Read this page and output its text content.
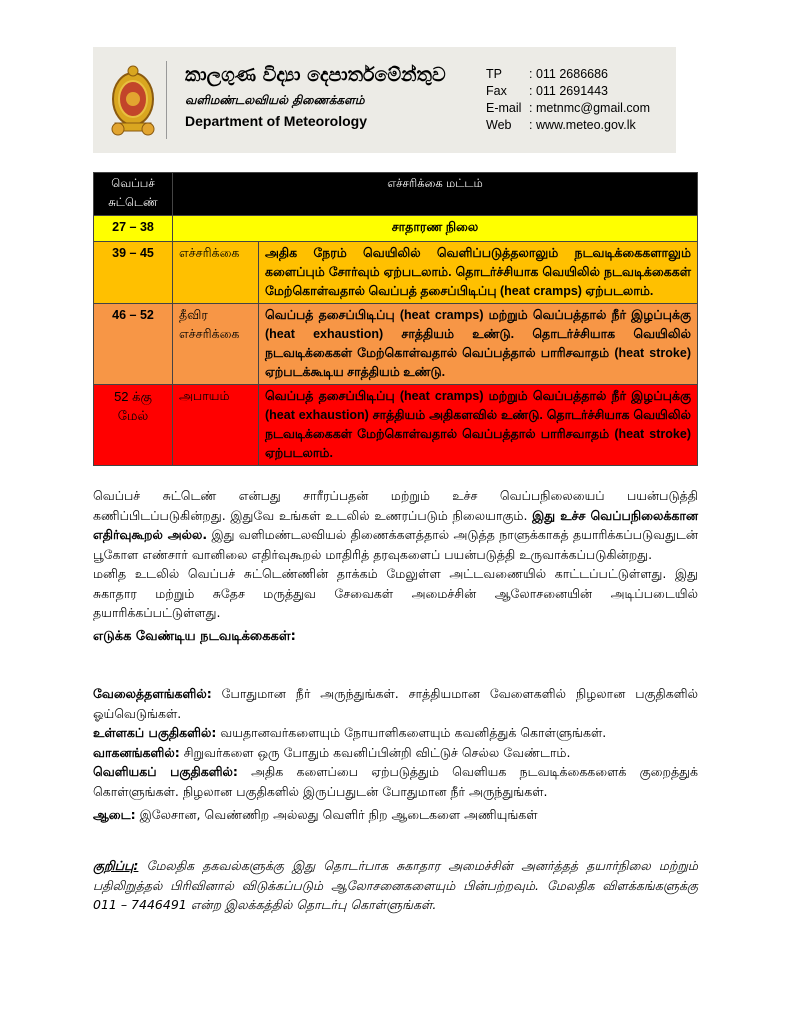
කාලගුණ විද්‍යා දෙපාර්තමේන්තුව
வளிமண்டலவியல் திணைக்களம்
Department of Meteorology
TP	: 011 2686686
Fax	: 011 2691443
E-mail : metnmc@gmail.com
Web	: www.meteo.gov.lk
வெப்பச் சுட்டெண்	எச்சரிக்கை மட்டம்	
27 – 38	சாதாரண நிலை	
39 – 45	எச்சரிக்கை	அதிக நேரம் வெயிலில் வெளிப்படுத்தலாலும் நடவடிக்கைகளாலும் களைப்பும் சோர்வும் ஏற்படலாம். தொடர்ச்சியாக வெயிலில் நடவடிக்கைகள் மேற்கொள்வதால் வெப்பத் தசைப்பிடிப்பு (heat cramps) ஏற்படலாம்.
46 – 52	தீவிர எச்சரிக்கை	வெப்பத் தசைப்பிடிப்பு (heat cramps) மற்றும் வெப்பத்தால் நீர் இழப்புக்கு (heat exhaustion) சாத்தியம் உண்டு. தொடர்ச்சியாக வெயிலில் நடவடிக்கைகள் மேற்கொள்வதால் வெப்பத்தால் பாரிசவாதம் (heat stroke) ஏற்படக்கூடிய சாத்தியம் உண்டு.
52 க்கு மேல்	அபாயம்	வெப்பத் தசைப்பிடிப்பு (heat cramps) மற்றும் வெப்பத்தால் நீர் இழப்புக்கு (heat exhaustion) சாத்தியம் அதிகளவில் உண்டு. தொடர்ச்சியாக வெயிலில் நடவடிக்கைகள் மேற்கொள்வதால் வெப்பத்தால் பாரிசவாதம் (heat stroke) ஏற்படலாம்.
வெப்பச் சுட்டெண் என்பது சாரீரப்பதன் மற்றும் உச்ச வெப்பநிலையைப் பயன்படுத்தி கணிப்பிடப்படுகின்றது. இதுவே உங்கள் உடலில் உணரப்படும் நிலையாகும். இது உச்ச வெப்பநிலைக்கான எதிர்வுகூறல் அல்ல. இது வளிமண்டலவியல் திணைக்களத்தால் அடுத்த நாளுக்காகத் தயாரிக்கப்படுவதுடன் பூகோள எண்சார் வானிலை எதிர்வுகூறல் மாதிரித் தரவுகளைப் பயன்படுத்தி உருவாக்கப்படுகின்றது.
மனித உடலில் வெப்பச் சுட்டெண்ணின் தாக்கம் மேலுள்ள அட்டவணையில் காட்டப்பட்டுள்ளது. இது சுகாதார மற்றும் சுதேச மருத்துவ சேவைகள் அமைச்சின் ஆலோசனையின் அடிப்படையில் தயாரிக்கப்பட்டுள்ளது.
எடுக்க வேண்டிய நடவடிக்கைகள்:
வேலைத்தளங்களில்: போதுமான நீர் அருந்துங்கள். சாத்தியமான வேளைகளில் நிழலான பகுதிகளில் ஓய்வெடுங்கள்.
உள்ளகப் பகுதிகளில்: வயதானவர்களையும் நோயாளிகளையும் கவனித்துக் கொள்ளுங்கள்.
வாகனங்களில்: சிறுவர்களை ஒரு போதும் கவனிப்பின்றி விட்டுச் செல்ல வேண்டாம்.
வெளியகப் பகுதிகளில்: அதிக களைப்பை ஏற்படுத்தும் வெளியக நடவடிக்கைகளைக் குறைத்துக் கொள்ளுங்கள். நிழலான பகுதிகளில் இருப்பதுடன் போதுமான நீர் அருந்துங்கள்.
ஆடை: இலேசான, வெண்ணிற அல்லது வெளிர் நிற ஆடைகளை அணியுங்கள்
குறிப்பு: மேலதிக தகவல்களுக்கு இது தொடர்பாக சுகாதார அமைச்சின் அனர்த்தத் தயார்நிலை மற்றும் பதிலிறுத்தல் பிரிவினால் விடுக்கப்படும் ஆலோசனைகளையும் பின்பற்றவும். மேலதிக விளக்கங்களுக்கு 011 – 7446491 என்ற இலக்கத்தில் தொடர்பு கொள்ளுங்கள்.
